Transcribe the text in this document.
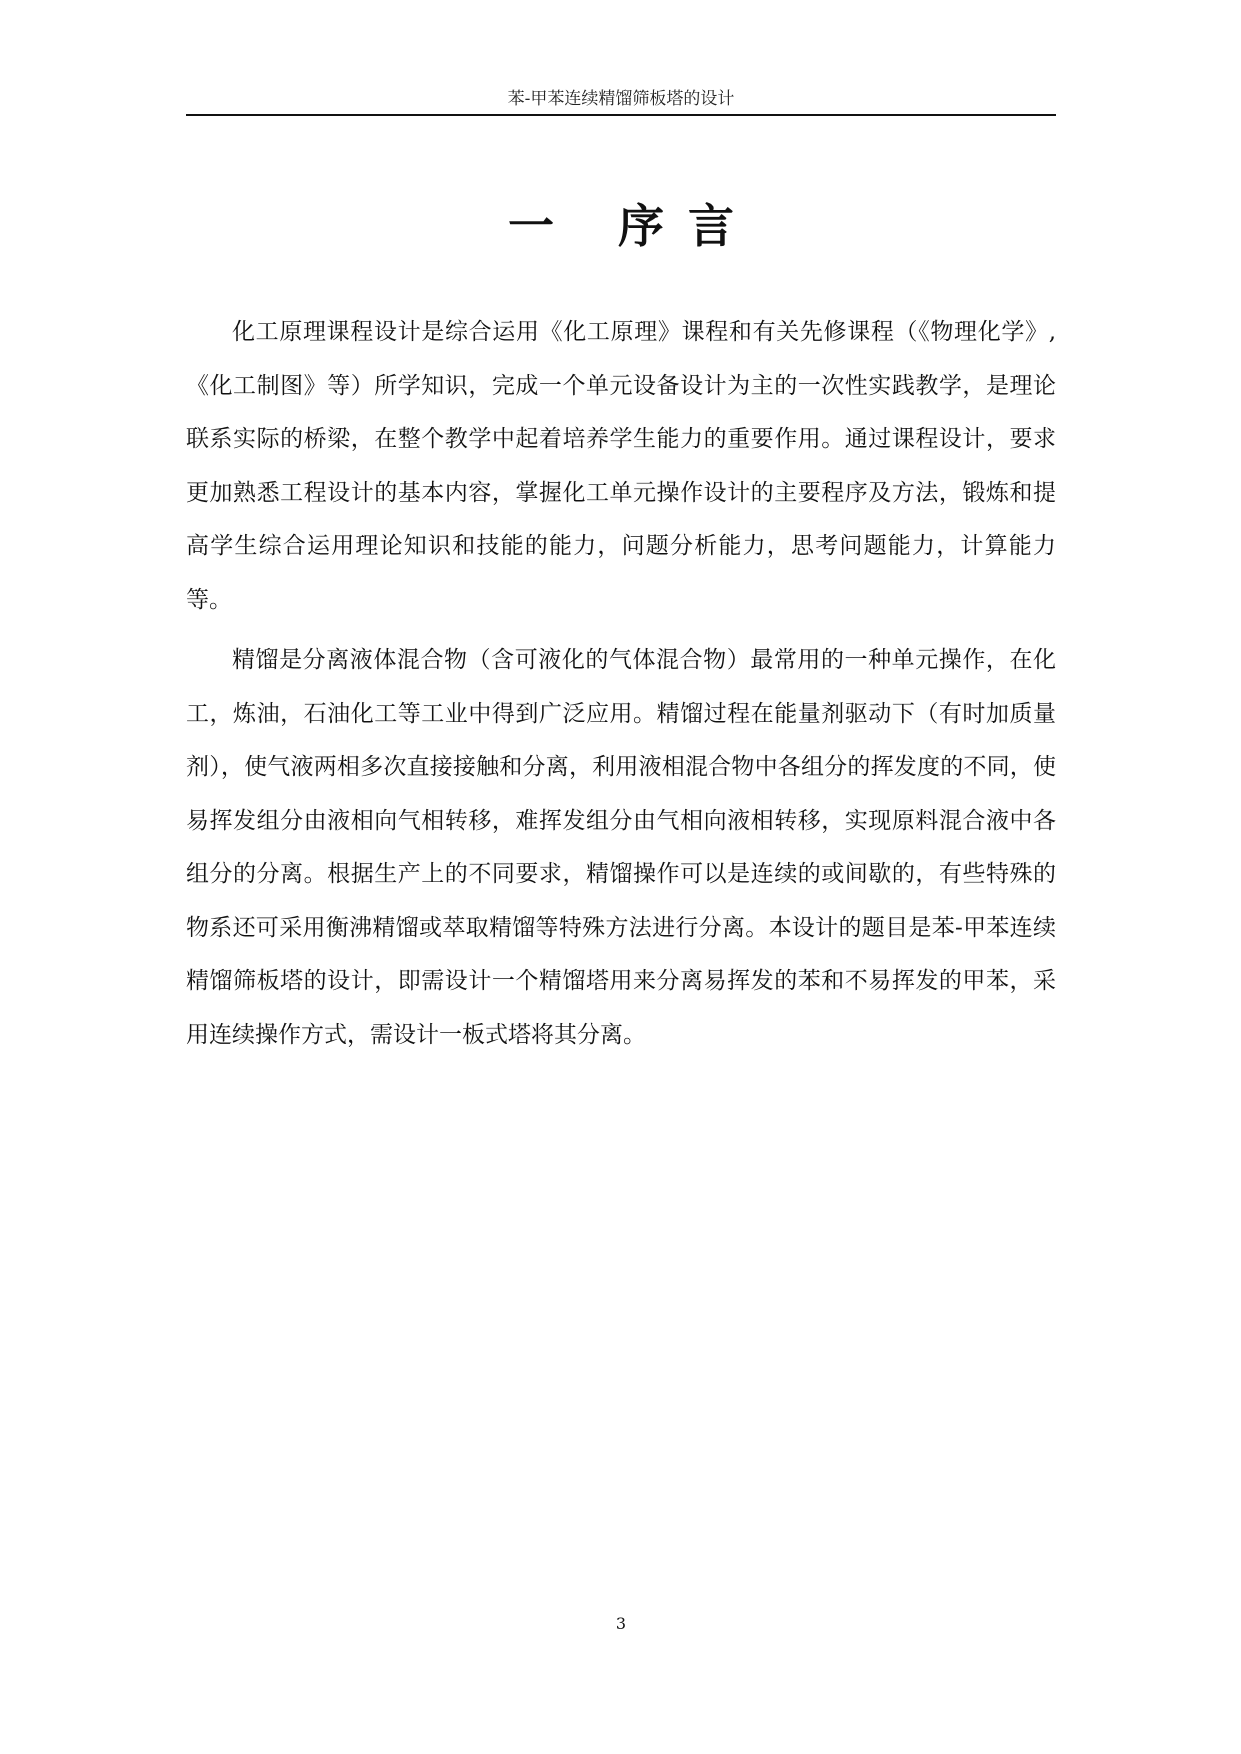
苯-甲苯连续精馏筛板塔的设计
一 序言

化工原理课程设计是综合运用《化工原理》课程和有关先修课程（《物理化学》,《化工制图》等）所学知识，完成一个单元设备设计为主的一次性实践教学，是理论联系实际的桥梁，在整个教学中起着培养学生能力的重要作用。通过课程设计，要求更加熟悉工程设计的基本内容，掌握化工单元操作设计的主要程序及方法，锻炼和提高学生综合运用理论知识和技能的能力，问题分析能力，思考问题能力，计算能力等。

精馏是分离液体混合物（含可液化的气体混合物）最常用的一种单元操作，在化工，炼油，石油化工等工业中得到广泛应用。精馏过程在能量剂驱动下（有时加质量剂），使气液两相多次直接接触和分离，利用液相混合物中各组分的挥发度的不同，使易挥发组分由液相向气相转移，难挥发组分由气相向液相转移，实现原料混合液中各组分的分离。根据生产上的不同要求，精馏操作可以是连续的或间歇的，有些特殊的物系还可采用衡沸精馏或萃取精馏等特殊方法进行分离。本设计的题目是苯-甲苯连续精馏筛板塔的设计，即需设计一个精馏塔用来分离易挥发的苯和不易挥发的甲苯，采用连续操作方式，需设计一板式塔将其分离。

3
